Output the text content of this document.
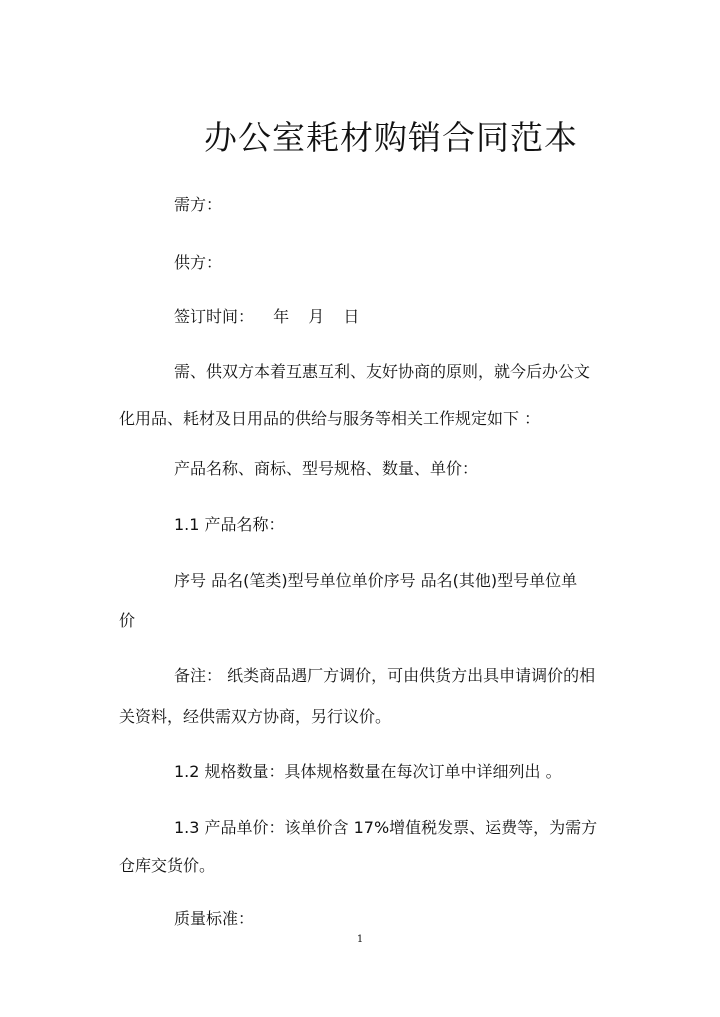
办公室耗材购销合同范本
需方：
供方：
签订时间： 年 月 日
需、供双方本着互惠互利、友好协商的原则，就今后办公文
化用品、耗材及日用品的供给与服务等相关工作规定如下 ：
产品名称、商标、型号规格、数量、单价：
1.1 产品名称：
序号 品名(笔类)型号单位单价序号 品名(其他)型号单位单
价
备注： 纸类商品遇厂方调价，可由供货方出具申请调价的相
关资料，经供需双方协商，另行议价。
1.2 规格数量：具体规格数量在每次订单中详细列出 。
1.3 产品单价：该单价含 17%增值税发票、运费等，为需方
仓库交货价。
质量标准：
1
